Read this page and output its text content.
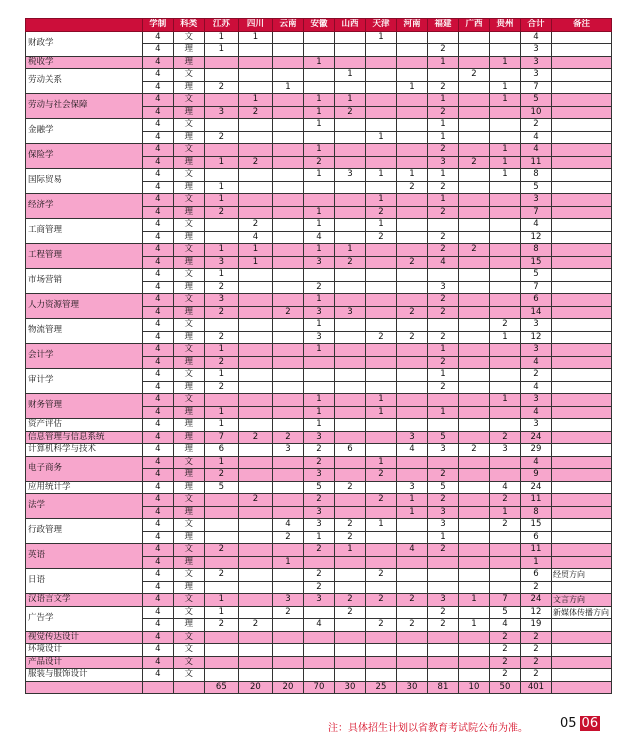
	学制	科类	江苏	四川	云南	安徽	山西	天津	河南	福建	广西	贵州	合计	备注
财政学	4	文	1	1				1					4	
	4	理	1							2			3	
税收学	4	理				1				1		1	3	
劳动关系	4	文					1				2		3	
	4	理	2		1				1	2		1	7	
劳动与社会保障	4	文		1		1	1			1		1	5	
	4	理	3	2		1	2			2			10	
金融学	4	文				1				1			2	
	4	理	2					1		1			4	
保险学	4	文				1				2		1	4	
	4	理	1	2		2				3	2	1	11	
国际贸易	4	文				1	3	1	1	1		1	8	
	4	理	1						2	2			5	
经济学	4	文	1					1		1			3	
	4	理	2			1		2		2			7	
工商管理	4	文		2		1		1					4	
	4	理		4		4		2		2			12	
工程管理	4	文	1	1		1	1			2	2		8	
	4	理	3	1		3	2		2	4			15	
市场营销	4	文	1										5	
	4	理	2			2				3			7	
人力资源管理	4	文	3			1				2			6	
	4	理	2		2	3	3		2	2			14	
物流管理	4	文				1						2	3	
	4	理	2			3		2	2	2		1	12	
会计学	4	文	1			1				1			3	
	4	理	2							2			4	
审计学	4	文	1							1			2	
	4	理	2							2			4	
财务管理	4	文				1		1				1	3	
	4	理	1			1		1		1			4	
资产评估	4	理	1			1							3	
信息管理与信息系统	4	理	7	2	2	3			3	5		2	24	
计算机科学与技术	4	理	6		3	2	6		4	3	2	3	29	
电子商务	4	文	1			2		1					4	
	4	理	2			3		2		2			9	
应用统计学	4	理	5			5	2		3	5		4	24	
法学	4	文		2		2		2	1	2		2	11	
	4	理				3			1	3		1	8	
行政管理	4	文			4	3	2	1		3		2	15	
	4	理			2	1	2			1			6	
英语	4	文	2			2	1		4	2			11	
	4	理			1								1	
日语	4	文	2			2		2					6	经贸方向
	4	理				2							2	
汉语言文学	4	文	1		3	3	2	2	2	3	1	7	24	文言方向
广告学	4	文	1		2		2			2		5	12	新媒体传播方向
	4	理	2	2		4		2	2	2	1	4	19	
视觉传达设计	4	文										2	2	
环境设计	4	文										2	2	
产品设计	4	文										2	2	
服装与服饰设计	4	文										2	2	
			65	20	20	70	30	25	30	81	10	50	401	
注：具体招生计划以省教育考试院公布为准。 05 06
